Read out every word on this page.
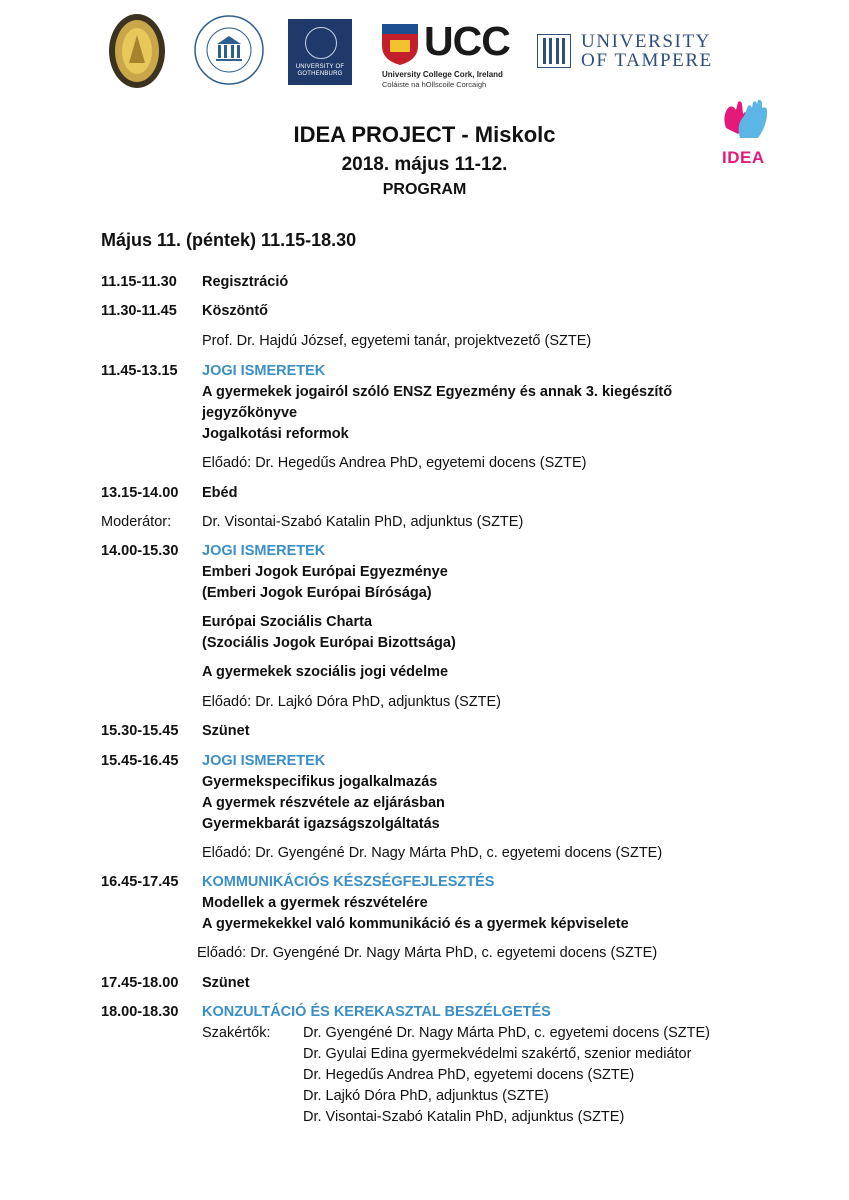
UNIVERSITY OF GOTHENBURG
UCC
University College Cork, Ireland
Coláiste na hOllscoile Corcaigh
UNIVERSITY
OF TAMPERE
IDEA
IDEA PROJECT - Miskolc
2018. május 11-12.
PROGRAM
Május 11. (péntek) 11.15-18.30
11.15-11.30 Regisztráció
11.30-11.45 Köszöntő
Prof. Dr. Hajdú József, egyetemi tanár, projektvezető (SZTE)
11.45-13.15 JOGI ISMERETEK
A gyermekek jogairól szóló ENSZ Egyezmény és annak 3. kiegészítő
jegyzőkönyve
Jogalkotási reformok
Előadó: Dr. Hegedűs Andrea PhD, egyetemi docens (SZTE)
13.15-14.00 Ebéd
Moderátor: Dr. Visontai-Szabó Katalin PhD, adjunktus (SZTE)
14.00-15.30 JOGI ISMERETEK
Emberi Jogok Európai Egyezménye
(Emberi Jogok Európai Bírósága)
Európai Szociális Charta
(Szociális Jogok Európai Bizottsága)
A gyermekek szociális jogi védelme
Előadó: Dr. Lajkó Dóra PhD, adjunktus (SZTE)
15.30-15.45 Szünet
15.45-16.45 JOGI ISMERETEK
Gyermekspecifikus jogalkalmazás
A gyermek részvétele az eljárásban
Gyermekbarát igazságszolgáltatás
Előadó: Dr. Gyengéné Dr. Nagy Márta PhD, c. egyetemi docens (SZTE)
16.45-17.45 KOMMUNIKÁCIÓS KÉSZSÉGFEJLESZTÉS
Modellek a gyermek részvételére
A gyermekekkel való kommunikáció és a gyermek képviselete
Előadó: Dr. Gyengéné Dr. Nagy Márta PhD, c. egyetemi docens (SZTE)
17.45-18.00 Szünet
18.00-18.30 KONZULTÁCIÓ ÉS KEREKASZTAL BESZÉLGETÉS
Szakértők: Dr. Gyengéné Dr. Nagy Márta PhD, c. egyetemi docens (SZTE)
Dr. Gyulai Edina gyermekvédelmi szakértő, szenior mediátor
Dr. Hegedűs Andrea PhD, egyetemi docens (SZTE)
Dr. Lajkó Dóra PhD, adjunktus (SZTE)
Dr. Visontai-Szabó Katalin PhD, adjunktus (SZTE)
